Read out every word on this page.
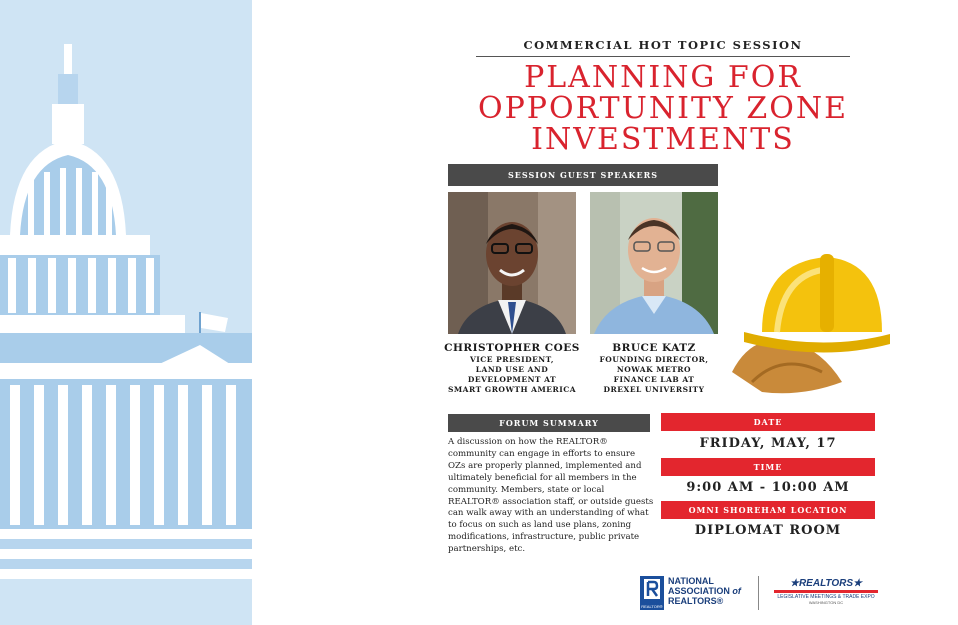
COMMERCIAL HOT TOPIC SESSION
PLANNING FOR
OPPORTUNITY ZONE
INVESTMENTS
SESSION GUEST SPEAKERS
CHRISTOPHER COES
VICE PRESIDENT,
LAND USE AND
DEVELOPMENT AT
SMART GROWTH AMERICA
BRUCE KATZ
FOUNDING DIRECTOR,
NOWAK METRO
FINANCE LAB AT
DREXEL UNIVERSITY
FORUM SUMMARY
A discussion on how the REALTOR® community can engage in efforts to ensure OZs are properly planned, implemented and ultimately beneficial for all members in the community. Members, state or local REALTOR® association staff, or outside guests can walk away with an understanding of what to focus on such as land use plans, zoning modifications, infrastructure, public private partnerships, etc.
DATE
FRIDAY, MAY, 17
TIME
9:00 AM - 10:00 AM
OMNI SHOREHAM LOCATION
DIPLOMAT ROOM
REALTOR®
NATIONAL
ASSOCIATION of
REALTORS®
★REALTORS★
LEGISLATIVE MEETINGS & TRADE EXPO
WASHINGTON DC
